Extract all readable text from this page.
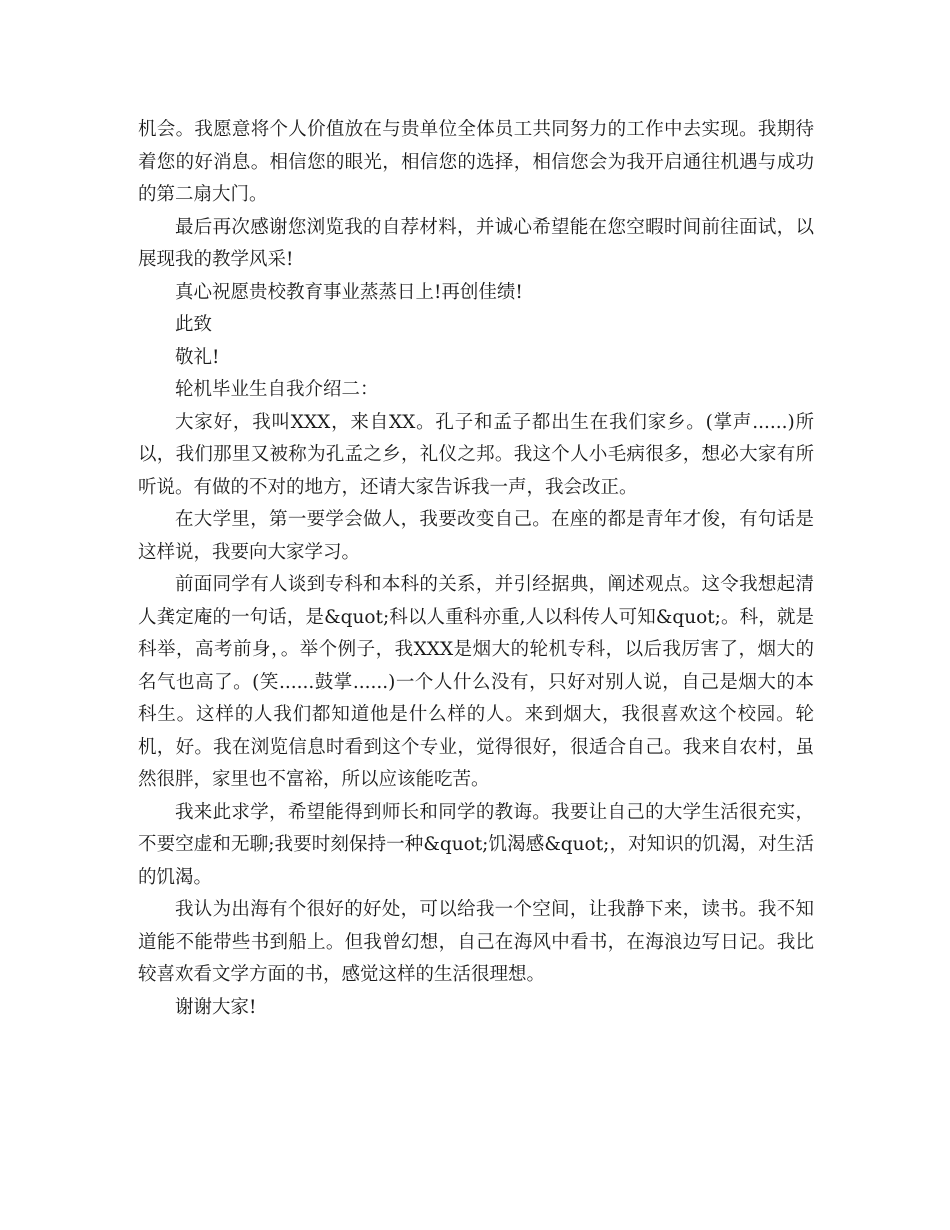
机会。我愿意将个人价值放在与贵单位全体员工共同努力的工作中去实现。我期待着您的好消息。相信您的眼光，相信您的选择，相信您会为我开启通往机遇与成功的第二扇大门。

最后再次感谢您浏览我的自荐材料，并诚心希望能在您空暇时间前往面试，以展现我的教学风采!

真心祝愿贵校教育事业蒸蒸日上!再创佳绩!

此致

敬礼!

轮机毕业生自我介绍二：

大家好，我叫XXX，来自XX。孔子和孟子都出生在我们家乡。(掌声......)所以，我们那里又被称为孔孟之乡，礼仪之邦。我这个人小毛病很多，想必大家有所听说。有做的不对的地方，还请大家告诉我一声，我会改正。

在大学里，第一要学会做人，我要改变自己。在座的都是青年才俊，有句话是这样说，我要向大家学习。

前面同学有人谈到专科和本科的关系，并引经据典，阐述观点。这令我想起清人龚定庵的一句话，是&quot;科以人重科亦重,人以科传人可知&quot;。科，就是科举，高考前身，。举个例子，我XXX是烟大的轮机专科，以后我厉害了，烟大的名气也高了。(笑......鼓掌......)一个人什么没有，只好对别人说，自己是烟大的本科生。这样的人我们都知道他是什么样的人。来到烟大，我很喜欢这个校园。轮机，好。我在浏览信息时看到这个专业，觉得很好，很适合自己。我来自农村，虽然很胖，家里也不富裕，所以应该能吃苦。

我来此求学，希望能得到师长和同学的教诲。我要让自己的大学生活很充实，不要空虚和无聊;我要时刻保持一种&quot;饥渴感&quot;，对知识的饥渴，对生活的饥渴。

我认为出海有个很好的好处，可以给我一个空间，让我静下来，读书。我不知道能不能带些书到船上。但我曾幻想，自己在海风中看书，在海浪边写日记。我比较喜欢看文学方面的书，感觉这样的生活很理想。

谢谢大家!
